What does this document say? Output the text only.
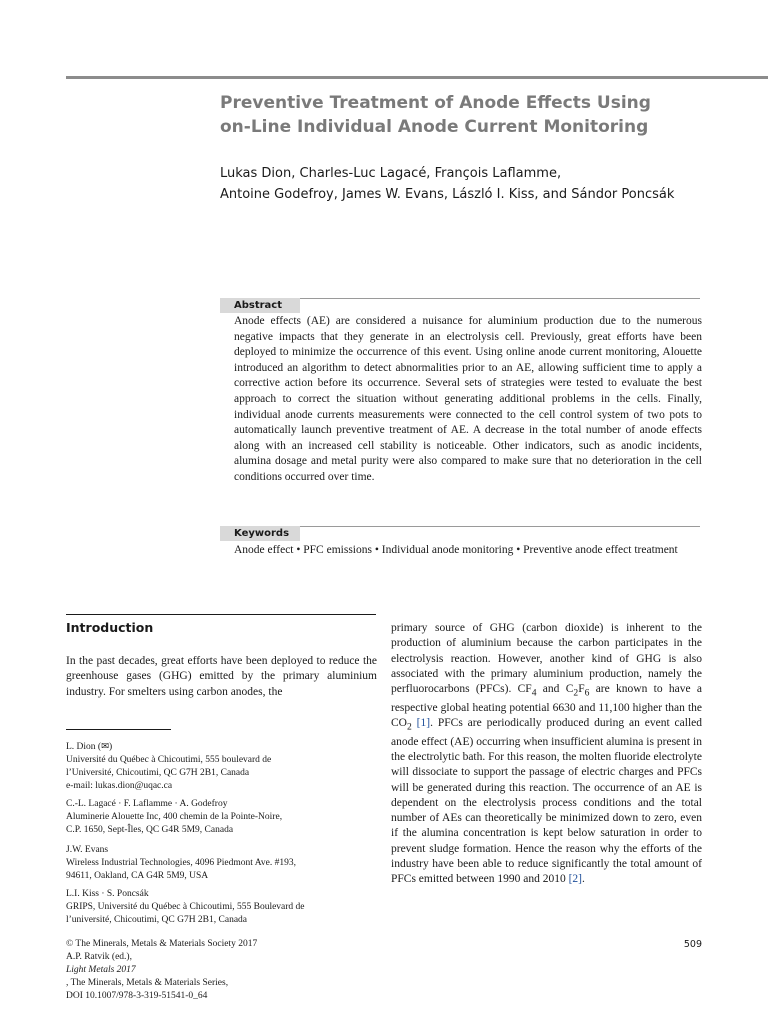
Preventive Treatment of Anode Effects Using
on-Line Individual Anode Current Monitoring
Lukas Dion, Charles-Luc Lagacé, François Laflamme,
Antoine Godefroy, James W. Evans, László I. Kiss, and Sándor Poncsák
Abstract

Anode effects (AE) are considered a nuisance for aluminium production due to the numerous negative impacts that they generate in an electrolysis cell. Previously, great efforts have been deployed to minimize the occurrence of this event. Using online anode current monitoring, Alouette introduced an algorithm to detect abnormalities prior to an AE, allowing sufficient time to apply a corrective action before its occurrence. Several sets of strategies were tested to evaluate the best approach to correct the situation without generating additional problems in the cells. Finally, individual anode currents measurements were connected to the cell control system of two pots to automatically launch preventive treatment of AE. A decrease in the total number of anode effects along with an increased cell stability is noticeable. Other indicators, such as anodic incidents, alumina dosage and metal purity were also compared to make sure that no deterioration in the cell conditions occurred over time.

Keywords

Anode effect • PFC emissions • Individual anode monitoring • Preventive anode effect treatment

Introduction

In the past decades, great efforts have been deployed to reduce the greenhouse gases (GHG) emitted by the primary aluminium industry. For smelters using carbon anodes, the

primary source of GHG (carbon dioxide) is inherent to the production of aluminium because the carbon participates in the electrolysis reaction. However, another kind of GHG is also associated with the primary aluminium production, namely the perfluorocarbons (PFCs). $CF_4$ and $C_2F_6$ are known to have a respective global heating potential 6630 and 11,100 higher than the $CO_2$ [1]. PFCs are periodically produced during an event called anode effect (AE) occurring when insufficient alumina is present in the electrolytic bath. For this reason, the molten fluoride electrolyte will dissociate to support the passage of electric charges and PFCs will be generated during this reaction. The occurrence of an AE is dependent on the electrolysis process conditions and the total number of AEs can theoretically be minimized down to zero, even if the alumina concentration is kept below saturation in order to prevent sludge formation. Hence the reason why the efforts of the industry have been able to reduce significantly the total amount of PFCs emitted between 1990 and 2010 [2].

L. Dion (✉)
Université du Québec à Chicoutimi, 555 boulevard de
l’Université, Chicoutimi, QC G7H 2B1, Canada
e-mail: lukas.dion@uqac.ca
C.-L. Lagacé · F. Laflamme · A. Godefroy
Aluminerie Alouette Inc, 400 chemin de la Pointe-Noire,
C.P. 1650, Sept-Îles, QC G4R 5M9, Canada
J.W. Evans
Wireless Industrial Technologies, 4096 Piedmont Ave. #193,
94611, Oakland, CA G4R 5M9, USA
L.I. Kiss · S. Poncsák
GRIPS, Université du Québec à Chicoutimi, 555 Boulevard de
l’université, Chicoutimi, QC G7H 2B1, Canada
© The Minerals, Metals & Materials Society 2017
A.P. Ratvik (ed.),
Light Metals 2017
, The Minerals, Metals & Materials Series,
DOI 10.1007/978-3-319-51541-0_64
509
